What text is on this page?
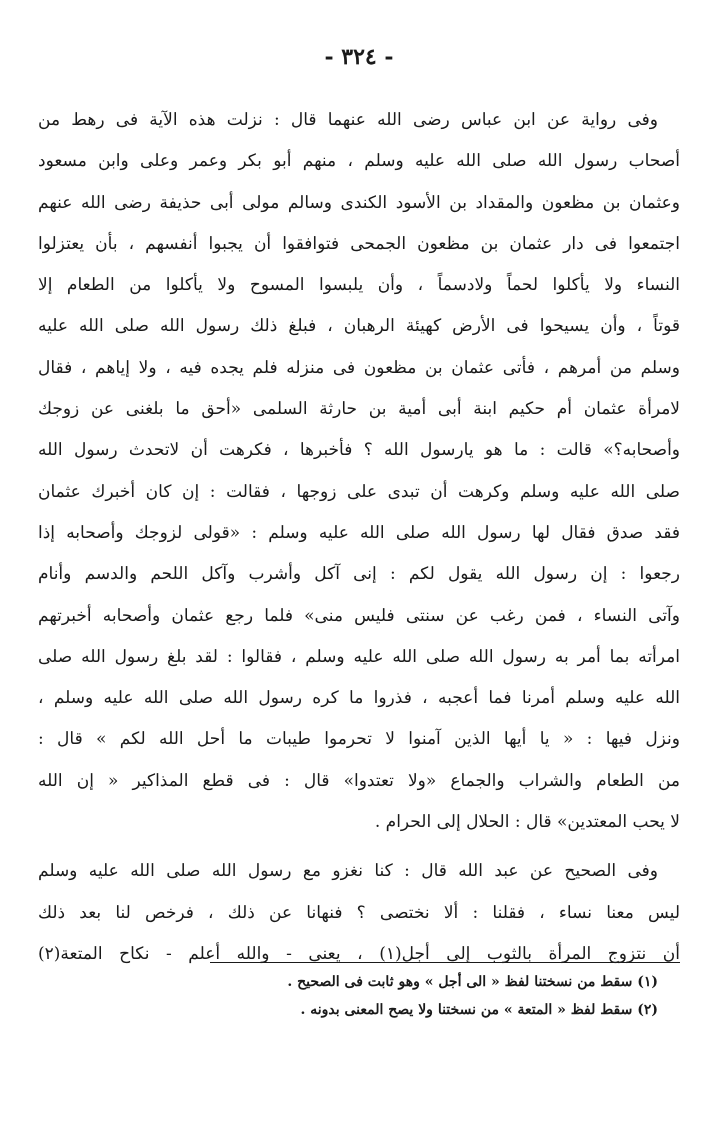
- ٣٢٤ -
وفى رواية عن ابن عباس رضى الله عنهما قال : نزلت هذه الآية فى رهط من
أصحاب رسول الله صلى الله عليه وسلم ، منهم أبو بكر وعمر وعلى وابن مسعود
وعثمان بن مظعون والمقداد بن الأسود الكندى وسالم مولى أبى حذيفة رضى الله عنهم
اجتمعوا فى دار عثمان بن مظعون الجمحى فتوافقوا أن يجبوا أنفسهم ، بأن يعتزلوا
النساء ولا يأكلوا لحماً ولادسماً ، وأن يلبسوا المسوح ولا يأكلوا من الطعام إلا
قوتاً ، وأن يسيحوا فى الأرض كهيئة الرهبان ، فبلغ ذلك رسول الله صلى الله عليه
وسلم من أمرهم ، فأتى عثمان بن مظعون فى منزله فلم يجده فيه ، ولا إياهم ، فقال
لامرأة عثمان أم حكيم ابنة أبى أمية بن حارثة السلمى «أحق ما بلغنى عن زوجك
وأصحابه؟» قالت : ما هو يارسول الله ؟ فأخبرها ، فكرهت أن لاتحدث رسول الله
صلى الله عليه وسلم وكرهت أن تبدى على زوجها ، فقالت : إن كان أخبرك عثمان
فقد صدق فقال لها رسول الله صلى الله عليه وسلم : «قولى لزوجك وأصحابه إذا
رجعوا : إن رسول الله يقول لكم : إنى آكل وأشرب وآكل اللحم والدسم وأنام
وآتى النساء ، فمن رغب عن سنتى فليس منى» فلما رجع عثمان وأصحابه أخبرتهم
امرأته بما أمر به رسول الله صلى الله عليه وسلم ، فقالوا : لقد بلغ رسول الله صلى
الله عليه وسلم أمرنا فما أعجبه ، فذروا ما كره رسول الله صلى الله عليه وسلم ،
ونزل فيها : « يا أيها الذين آمنوا لا تحرموا طيبات ما أحل الله لكم » قال :
من الطعام والشراب والجماع «ولا تعتدوا» قال : فى قطع المذاكير « إن الله
لا يحب المعتدين» قال : الحلال إلى الحرام .
وفى الصحيح عن عبد الله قال : كنا نغزو مع رسول الله صلى الله عليه وسلم
ليس معنا نساء ، فقلنا : ألا نختصى ؟ فنهانا عن ذلك ، فرخص لنا بعد ذلك
أن نتزوج المرأة بالثوب إلى أجل(١) ، يعنى - والله أعلم - نكاح المتعة(٢)
(١) سقط من نسختنا لفظ « الى أجل » وهو ثابت فى الصحيح .
(٢) سقط لفظ « المتعة » من نسختنا ولا يصح المعنى بدونه .
